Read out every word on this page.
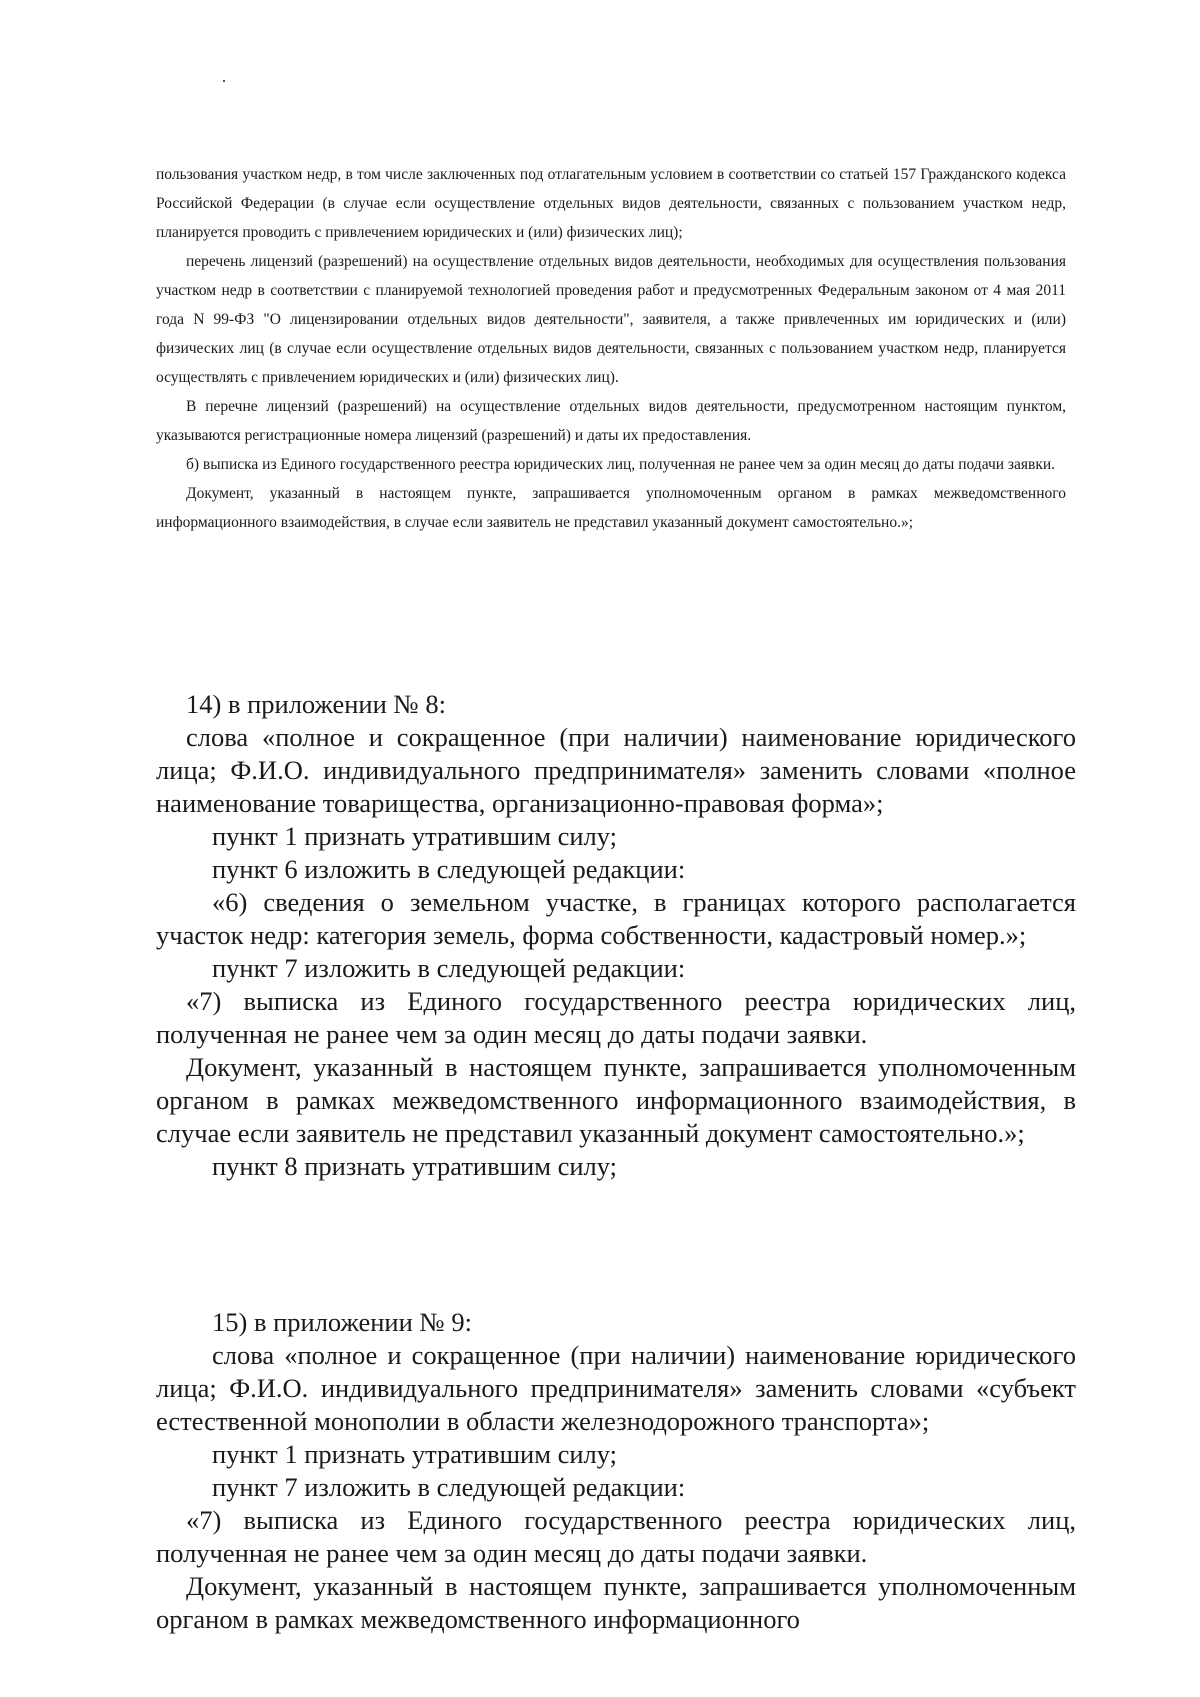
пользования участком недр, в том числе заключенных под отлагательным условием в соответствии со статьей 157 Гражданского кодекса Российской Федерации (в случае если осуществление отдельных видов деятельности, связанных с пользованием участком недр, планируется проводить с привлечением юридических и (или) физических лиц);

перечень лицензий (разрешений) на осуществление отдельных видов деятельности, необходимых для осуществления пользования участком недр в соответствии с планируемой технологией проведения работ и предусмотренных Федеральным законом от 4 мая 2011 года N 99-ФЗ "О лицензировании отдельных видов деятельности", заявителя, а также привлеченных им юридических и (или) физических лиц (в случае если осуществление отдельных видов деятельности, связанных с пользованием участком недр, планируется осуществлять с привлечением юридических и (или) физических лиц).

В перечне лицензий (разрешений) на осуществление отдельных видов деятельности, предусмотренном настоящим пунктом, указываются регистрационные номера лицензий (разрешений) и даты их предоставления.

б) выписка из Единого государственного реестра юридических лиц, полученная не ранее чем за один месяц до даты подачи заявки.

Документ, указанный в настоящем пункте, запрашивается уполномоченным органом в рамках межведомственного информационного взаимодействия, в случае если заявитель не представил указанный документ самостоятельно.»;

14) в приложении № 8:

слова «полное и сокращенное (при наличии) наименование юридического лица; Ф.И.О. индивидуального предпринимателя» заменить словами «полное наименование товарищества, организационно-правовая форма»;

пункт 1 признать утратившим силу;

пункт 6 изложить в следующей редакции:

«6) сведения о земельном участке, в границах которого располагается участок недр: категория земель, форма собственности, кадастровый номер.»;

пункт 7 изложить в следующей редакции:

«7) выписка из Единого государственного реестра юридических лиц, полученная не ранее чем за один месяц до даты подачи заявки.

Документ, указанный в настоящем пункте, запрашивается уполномоченным органом в рамках межведомственного информационного взаимодействия, в случае если заявитель не представил указанный документ самостоятельно.»;

пункт 8 признать утратившим силу;

15) в приложении № 9:

слова «полное и сокращенное (при наличии) наименование юридического лица; Ф.И.О. индивидуального предпринимателя» заменить словами «субъект естественной монополии в области железнодорожного транспорта»;

пункт 1 признать утратившим силу;

пункт 7 изложить в следующей редакции:

«7) выписка из Единого государственного реестра юридических лиц, полученная не ранее чем за один месяц до даты подачи заявки.

Документ, указанный в настоящем пункте, запрашивается уполномоченным органом в рамках межведомственного информационного
